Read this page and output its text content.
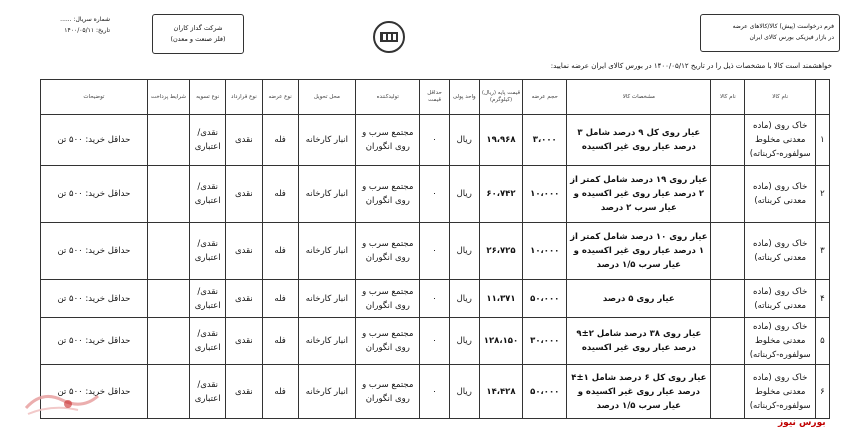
شماره سریال: ......
تاریخ: ۱۴۰۰/۰۵/۱۱	شرکت گداز کاران
(فلز صنعت و معدن)
فرم درخواست (پیش) کالا/کالاهای عرضه
در بازار فیزیکی بورس کالای ایران
خواهشمند است کالا با مشخصات ذیل را در تاریخ ۱۴۰۰/۰۵/۱۲ در بورس کالای ایران عرضه نمایید:
	نام کالا	نام کالا	مشخصات کالا	حجم عرضه	قیمت پایه (ریال) (کیلوگرم)	واحد پولی	حداقل قیمت	تولیدکننده	محل تحویل	نوع عرضه	نوع قرارداد	نوع تسویه	شرایط پرداخت	توضیحات
۱	خاک روی (ماده معدنی مخلوط سولفوره-کربناته)		عیار روی کل ۹ درصد شامل ۳ درصد عیار روی غیر اکسیده	۳،۰۰۰	۱۹،۹۶۸	ریال	۰	مجتمع سرب و روی انگوران	انبار کارخانه	فله	نقدی	نقدی/ اعتباری		حداقل خرید: ۵۰۰ تن
۲	خاک روی (ماده معدنی کربناته)		عیار روی ۱۹ درصد شامل کمتر از ۲ درصد عیار روی غیر اکسیده و عیار سرب ۲ درصد	۱۰،۰۰۰	۶۰،۷۴۲	ریال	۰	مجتمع سرب و روی انگوران	انبار کارخانه	فله	نقدی	نقدی/ اعتباری		حداقل خرید: ۵۰۰ تن
۳	خاک روی (ماده معدنی کربناته)		عیار روی ۱۰ درصد شامل کمتر از ۱ درصد عیار روی غیر اکسیده و عیار سرب ۱/۵ درصد	۱۰،۰۰۰	۲۶،۷۲۵	ریال	۰	مجتمع سرب و روی انگوران	انبار کارخانه	فله	نقدی	نقدی/ اعتباری		حداقل خرید: ۵۰۰ تن
۴	خاک روی (ماده معدنی کربناته)		عیار روی ۵ درصد	۵۰،۰۰۰	۱۱،۳۷۱	ریال	۰	مجتمع سرب و روی انگوران	انبار کارخانه	فله	نقدی	نقدی/ اعتباری		حداقل خرید: ۵۰۰ تن
۵	خاک روی (ماده معدنی مخلوط سولفوره-کربناته)		عیار روی ۳۸ درصد شامل ۲±۹ درصد عیار روی غیر اکسیده	۳۰،۰۰۰	۱۲۸،۱۵۰	ریال	۰	مجتمع سرب و روی انگوران	انبار کارخانه	فله	نقدی	نقدی/ اعتباری		حداقل خرید: ۵۰۰ تن
۶	خاک روی (ماده معدنی مخلوط سولفوره-کربناته)		عیار روی کل ۶ درصد شامل ۱±۴ درصد عیار روی غیر اکسیده و عیار سرب ۱/۵ درصد	۵۰،۰۰۰	۱۴،۴۲۸	ریال	۰	مجتمع سرب و روی انگوران	انبار کارخانه	فله	نقدی	نقدی/ اعتباری		حداقل خرید: ۵۰۰ تن
بورس نیوز
